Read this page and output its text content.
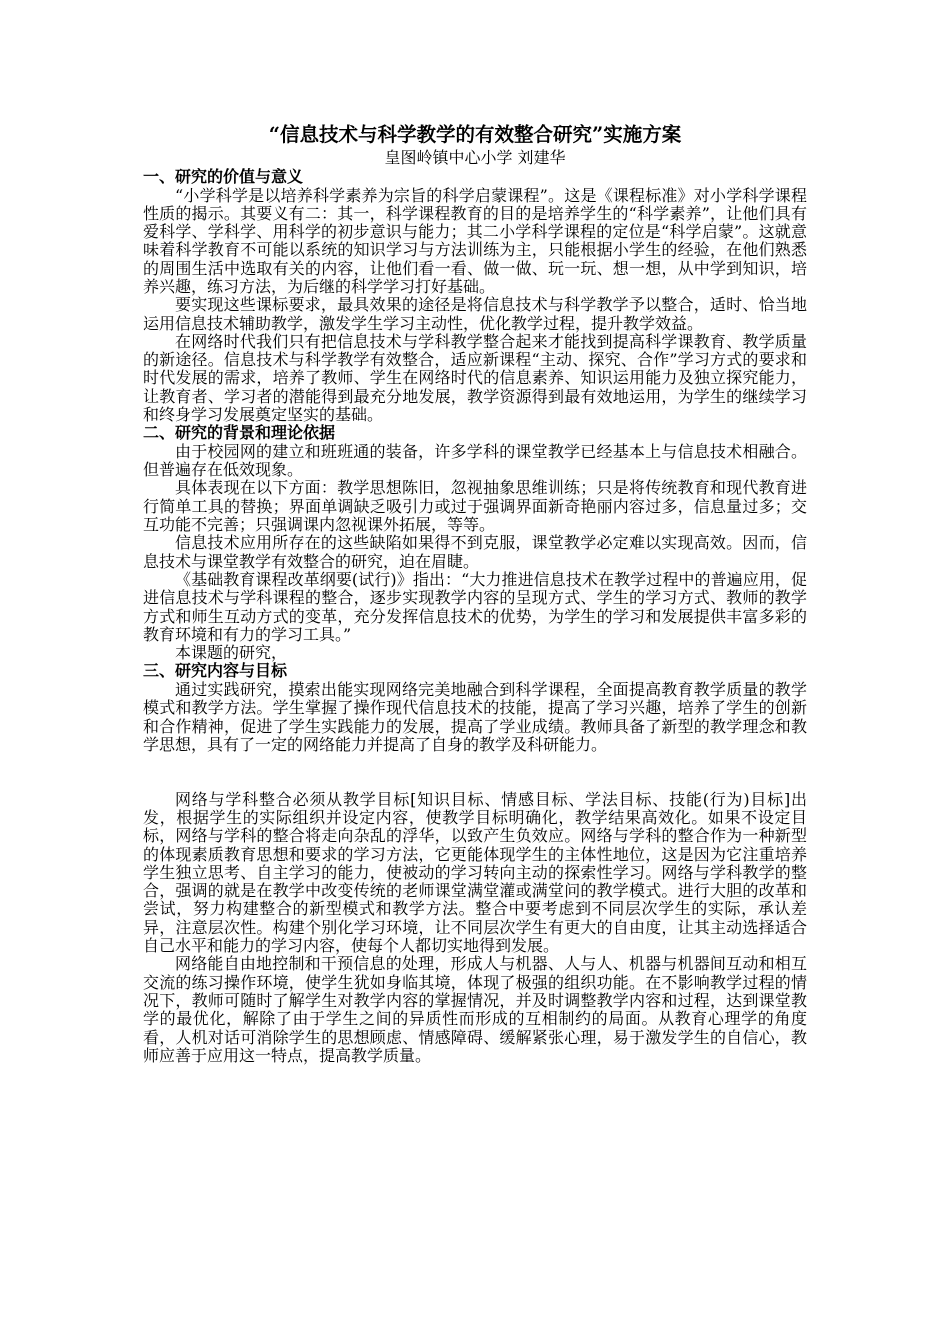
“信息技术与科学教学的有效整合研究”实施方案

皇图岭镇中心小学 刘建华

一、研究的价值与意义

“小学科学是以培养科学素养为宗旨的科学启蒙课程”。这是《课程标准》对小学科学课程性质的揭示。其要义有二：其一，科学课程教育的目的是培养学生的“科学素养”，让他们具有爱科学、学科学、用科学的初步意识与能力；其二小学科学课程的定位是“科学启蒙”。这就意味着科学教育不可能以系统的知识学习与方法训练为主，只能根据小学生的经验，在他们熟悉的周围生活中选取有关的内容，让他们看一看、做一做、玩一玩、想一想，从中学到知识，培养兴趣，练习方法，为后继的科学学习打好基础。

要实现这些课标要求，最具效果的途径是将信息技术与科学教学予以整合，适时、恰当地运用信息技术辅助教学，激发学生学习主动性，优化教学过程，提升教学效益。

在网络时代我们只有把信息技术与学科教学整合起来才能找到提高科学课教育、教学质量的新途径。信息技术与科学教学有效整合，适应新课程“主动、探究、合作”学习方式的要求和时代发展的需求，培养了教师、学生在网络时代的信息素养、知识运用能力及独立探究能力，让教育者、学习者的潜能得到最充分地发展，教学资源得到最有效地运用，为学生的继续学习和终身学习发展奠定坚实的基础。

二、研究的背景和理论依据

由于校园网的建立和班班通的装备，许多学科的课堂教学已经基本上与信息技术相融合。但普遍存在低效现象。

具体表现在以下方面：教学思想陈旧，忽视抽象思维训练；只是将传统教育和现代教育进行简单工具的替换；界面单调缺乏吸引力或过于强调界面新奇艳丽内容过多，信息量过多；交互功能不完善；只强调课内忽视课外拓展，等等。

信息技术应用所存在的这些缺陷如果得不到克服，课堂教学必定难以实现高效。因而，信息技术与课堂教学有效整合的研究，迫在眉睫。

《基础教育课程改革纲要(试行)》指出：“大力推进信息技术在教学过程中的普遍应用，促进信息技术与学科课程的整合，逐步实现教学内容的呈现方式、学生的学习方式、教师的教学方式和师生互动方式的变革，充分发挥信息技术的优势，为学生的学习和发展提供丰富多彩的教育环境和有力的学习工具。”

本课题的研究，

三、研究内容与目标

通过实践研究，摸索出能实现网络完美地融合到科学课程，全面提高教育教学质量的教学模式和教学方法。学生掌握了操作现代信息技术的技能，提高了学习兴趣，培养了学生的创新和合作精神，促进了学生实践能力的发展，提高了学业成绩。教师具备了新型的教学理念和教学思想，具有了一定的网络能力并提高了自身的教学及科研能力。

网络与学科整合必须从教学目标[知识目标、情感目标、学法目标、技能(行为)目标]出发，根据学生的实际组织并设定内容，使教学目标明确化，教学结果高效化。如果不设定目标，网络与学科的整合将走向杂乱的浮华，以致产生负效应。网络与学科的整合作为一种新型的体现素质教育思想和要求的学习方法，它更能体现学生的主体性地位，这是因为它注重培养学生独立思考、自主学习的能力，使被动的学习转向主动的探索性学习。网络与学科教学的整合，强调的就是在教学中改变传统的老师课堂满堂灌或满堂问的教学模式。进行大胆的改革和尝试，努力构建整合的新型模式和教学方法。整合中要考虑到不同层次学生的实际，承认差异，注意层次性。构建个别化学习环境，让不同层次学生有更大的自由度，让其主动选择适合自己水平和能力的学习内容，使每个人都切实地得到发展。

网络能自由地控制和干预信息的处理，形成人与机器、人与人、机器与机器间互动和相互交流的练习操作环境，使学生犹如身临其境，体现了极强的组织功能。在不影响教学过程的情况下，教师可随时了解学生对教学内容的掌握情况，并及时调整教学内容和过程，达到课堂教学的最优化，解除了由于学生之间的异质性而形成的互相制约的局面。从教育心理学的角度看，人机对话可消除学生的思想顾虑、情感障碍、缓解紧张心理，易于激发学生的自信心，教师应善于应用这一特点，提高教学质量。
